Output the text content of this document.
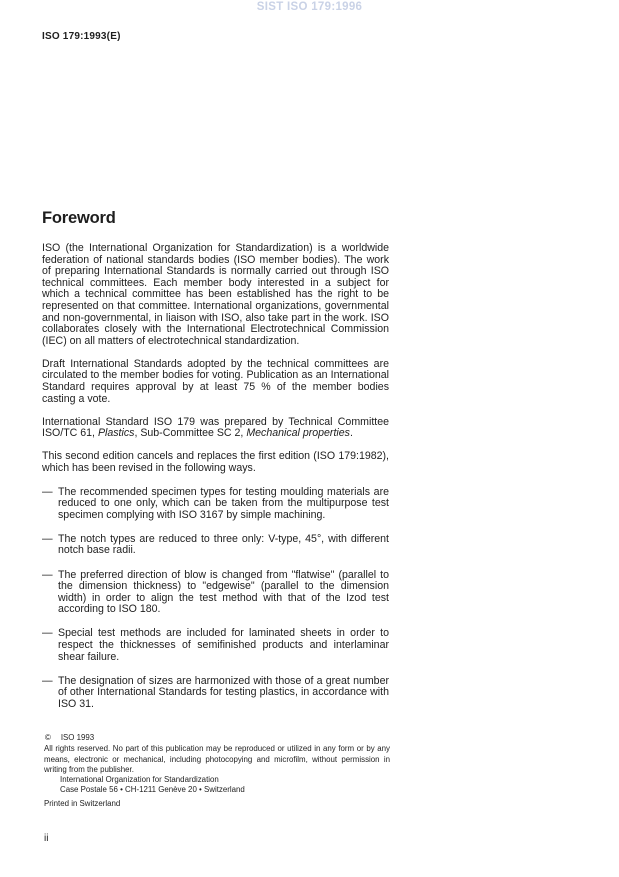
SIST ISO 179:1996
ISO 179:1993(E)
Foreword

ISO (the International Organization for Standardization) is a worldwide federation of national standards bodies (ISO member bodies). The work of preparing International Standards is normally carried out through ISO technical committees. Each member body interested in a subject for which a technical committee has been established has the right to be represented on that committee. International organizations, governmental and non-governmental, in liaison with ISO, also take part in the work. ISO collaborates closely with the International Electrotechnical Commission (IEC) on all matters of electrotechnical standardization.

Draft International Standards adopted by the technical committees are circulated to the member bodies for voting. Publication as an International Standard requires approval by at least 75 % of the member bodies casting a vote.

International Standard ISO 179 was prepared by Technical Committee ISO/TC 61, Plastics, Sub-Committee SC 2, Mechanical properties.

This second edition cancels and replaces the first edition (ISO 179:1982), which has been revised in the following ways.

— The recommended specimen types for testing moulding materials are reduced to one only, which can be taken from the multipurpose test specimen complying with ISO 3167 by simple machining.
— The notch types are reduced to three only: V-type, 45°, with different notch base radii.
— The preferred direction of blow is changed from "flatwise" (parallel to the dimension thickness) to "edgewise" (parallel to the dimension width) in order to align the test method with that of the Izod test according to ISO 180.
— Special test methods are included for laminated sheets in order to respect the thicknesses of semifinished products and interlaminar shear failure.
— The designation of sizes are harmonized with those of a great number of other International Standards for testing plastics, in accordance with ISO 31.
© ISO 1993
All rights reserved. No part of this publication may be reproduced or utilized in any form or by any means, electronic or mechanical, including photocopying and microfilm, without permission in writing from the publisher.
International Organization for Standardization
Case Postale 56 • CH-1211 Genève 20 • Switzerland
Printed in Switzerland
ii
